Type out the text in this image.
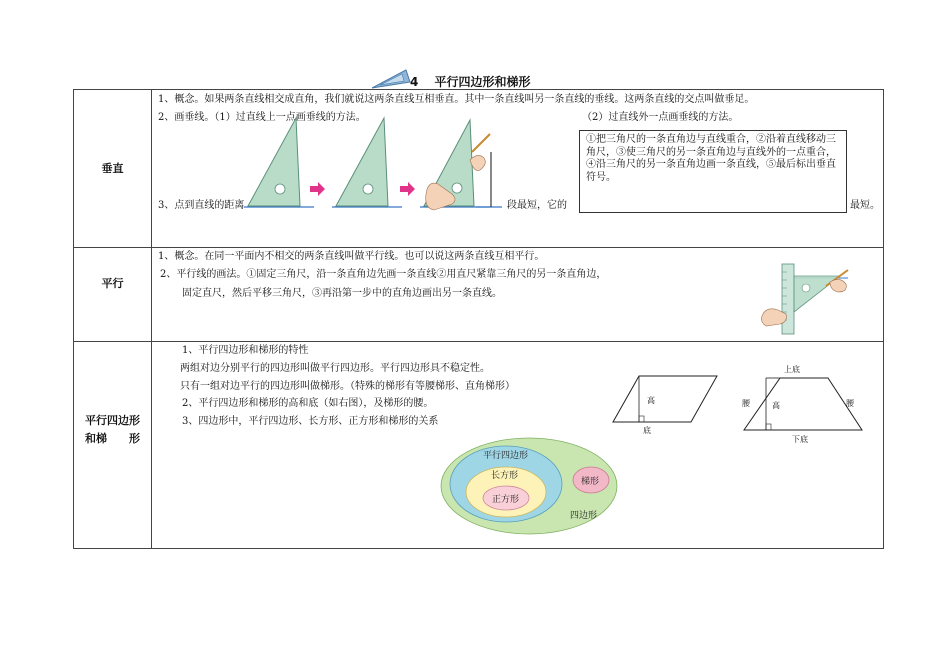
4　 平行四边形和梯形
垂直
1、概念。如果两条直线相交成直角，我们就说这两条直线互相垂直。其中一条直线叫另一条直线的垂线。这两条直线的交点叫做垂足。
2、画垂线。（1）过直线上一点画垂线的方法。	（2）过直线外一点画垂线的方法。
3、点到直线的距离	段最短，它的	最短。
①把三角尺的一条直角边与直线重合，②沿着直线移动三角尺，③使三角尺的另一条直角边与直线外的一点重合，④沿三角尺的另一条直角边画一条直线，⑤最后标出垂直符号。
平行
1、概念。在同一平面内不相交的两条直线叫做平行线。也可以说这两条直线互相平行。
2、平行线的画法。①固定三角尺，沿一条直角边先画一条直线②用直尺紧靠三角尺的另一条直角边，
固定直尺，然后平移三角尺，③再沿第一步中的直角边画出另一条直线。
平行四边形
和梯　　形
1、平行四边形和梯形的特性
两组对边分别平行的四边形叫做平行四边形。平行四边形具不稳定性。
只有一组对边平行的四边形叫做梯形。（特殊的梯形有等腰梯形、直角梯形）
2、平行四边形和梯形的高和底（如右图），及梯形的腰。
3、四边形中，平行四边形、长方形、正方形和梯形的关系
高
底
上底
腰	高	腰
下底
平行四边形
长方形
正方形
梯形
四边形
